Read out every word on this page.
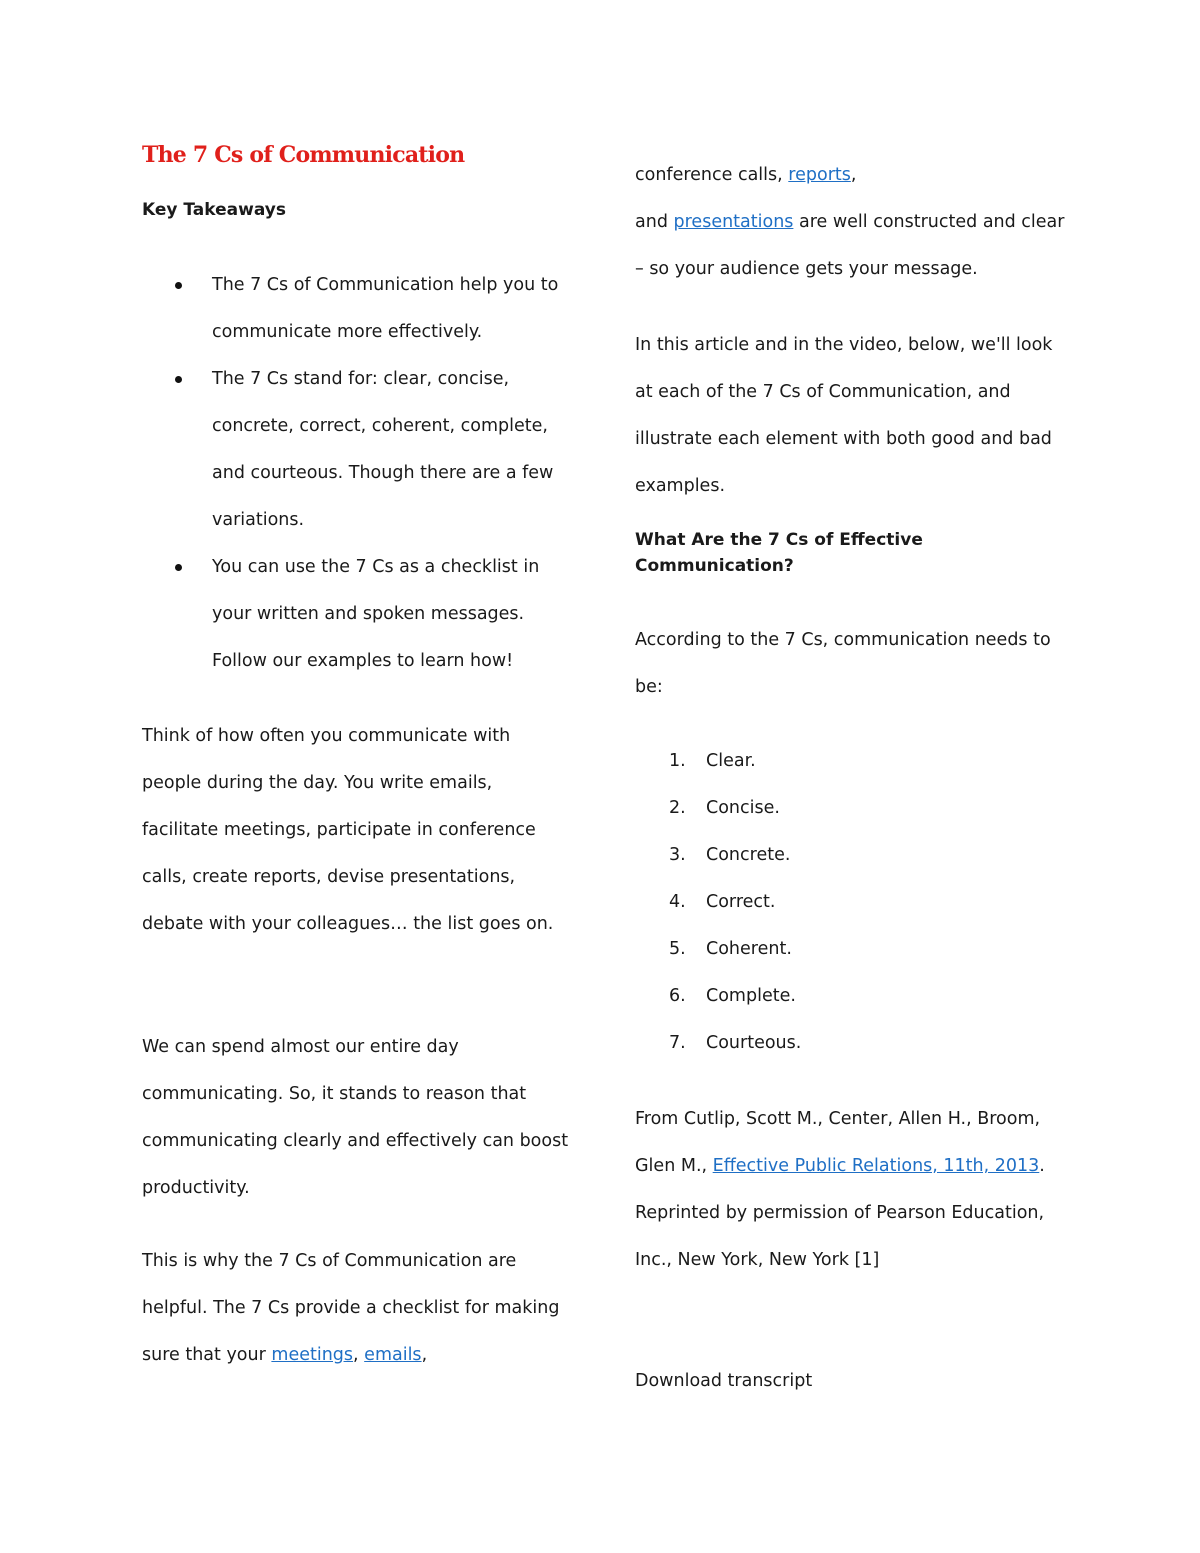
The 7 Cs of Communication

Key Takeaways

The 7 Cs of Communication help you to communicate more effectively.
The 7 Cs stand for: clear, concise, concrete, correct, coherent, complete, and courteous. Though there are a few variations.
You can use the 7 Cs as a checklist in your written and spoken messages. Follow our examples to learn how!

Think of how often you communicate with people during the day. You write emails, facilitate meetings, participate in conference calls, create reports, devise presentations, debate with your colleagues… the list goes on.

We can spend almost our entire day communicating. So, it stands to reason that communicating clearly and effectively can boost productivity.

This is why the 7 Cs of Communication are helpful. The 7 Cs provide a checklist for making sure that your meetings, emails,

conference calls, reports,
and presentations are well constructed and clear – so your audience gets your message.

In this article and in the video, below, we'll look at each of the 7 Cs of Communication, and illustrate each element with both good and bad examples.

What Are the 7 Cs of Effective Communication?

According to the 7 Cs, communication needs to be:

1. Clear.
2. Concise.
3. Concrete.
4. Correct.
5. Coherent.
6. Complete.
7. Courteous.

From Cutlip, Scott M., Center, Allen H., Broom, Glen M., Effective Public Relations, 11th, 2013. Reprinted by permission of Pearson Education, Inc., New York, New York [1]

Download transcript
